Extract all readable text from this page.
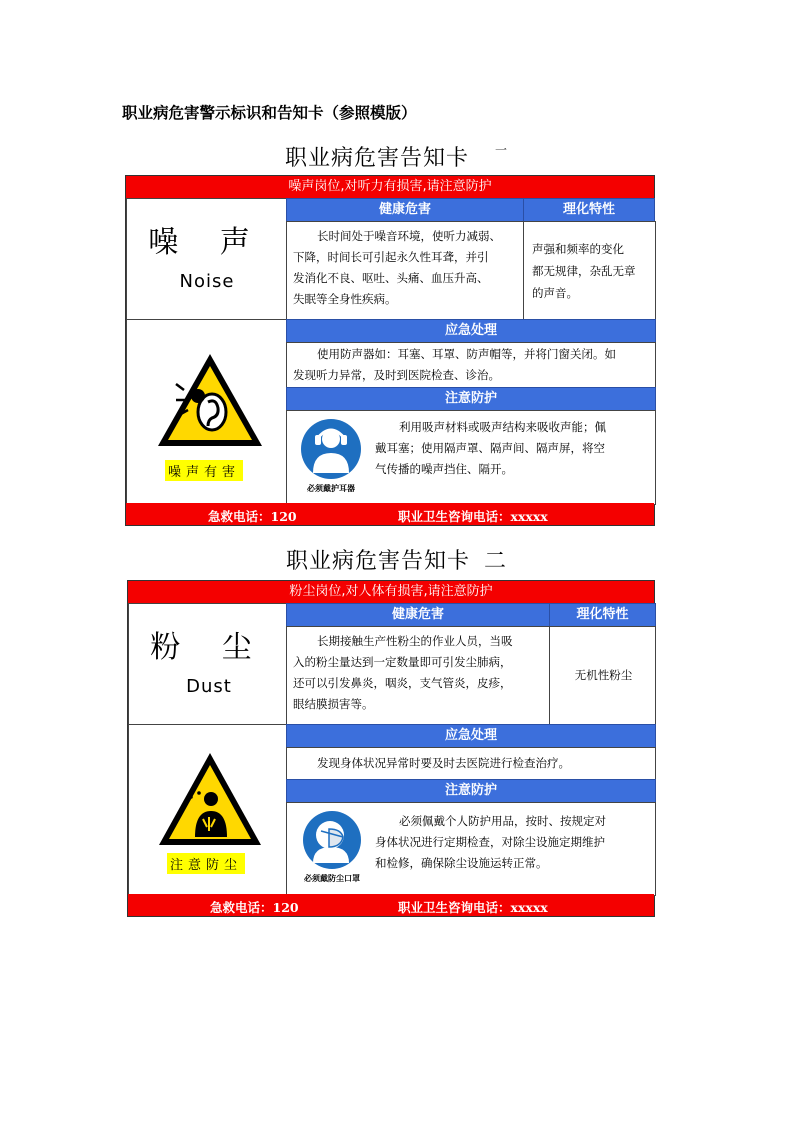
职业病危害警示标识和告知卡（参照模版）
职业病危害告知卡 $^一$
噪声岗位,对听力有损害,请注意防护
噪 声
Noise
健康危害	理化特性
长时间处于噪音环境，使听力减弱、
下降，时间长可引起永久性耳聋，并引
发消化不良、呕吐、头痛、血压升高、
失眠等全身性疾病。
声强和频率的变化
都无规律，杂乱无章
的声音。
噪声有害
应急处理
使用防声器如：耳塞、耳罩、防声帽等，并将门窗关闭。如
发现听力异常，及时到医院检查、诊治。
注意防护
必须戴护耳器
利用吸声材料或吸声结构来吸收声能；佩
戴耳塞；使用隔声罩、隔声间、隔声屏，将空
气传播的噪声挡住、隔开。
急救电话：120	职业卫生咨询电话：xxxxx
职业病危害告知卡 二
粉尘岗位,对人体有损害,请注意防护
粉 尘
Dust
健康危害	理化特性
长期接触生产性粉尘的作业人员，当吸
入的粉尘量达到一定数量即可引发尘肺病，
还可以引发鼻炎，咽炎，支气管炎，皮疹，
眼结膜损害等。
无机性粉尘
注意防尘
应急处理
发现身体状况异常时要及时去医院进行检查治疗。
注意防护
必须戴防尘口罩
必须佩戴个人防护用品，按时、按规定对
身体状况进行定期检查，对除尘设施定期维护
和检修，确保除尘设施运转正常。
急救电话：120	职业卫生咨询电话：xxxxx
